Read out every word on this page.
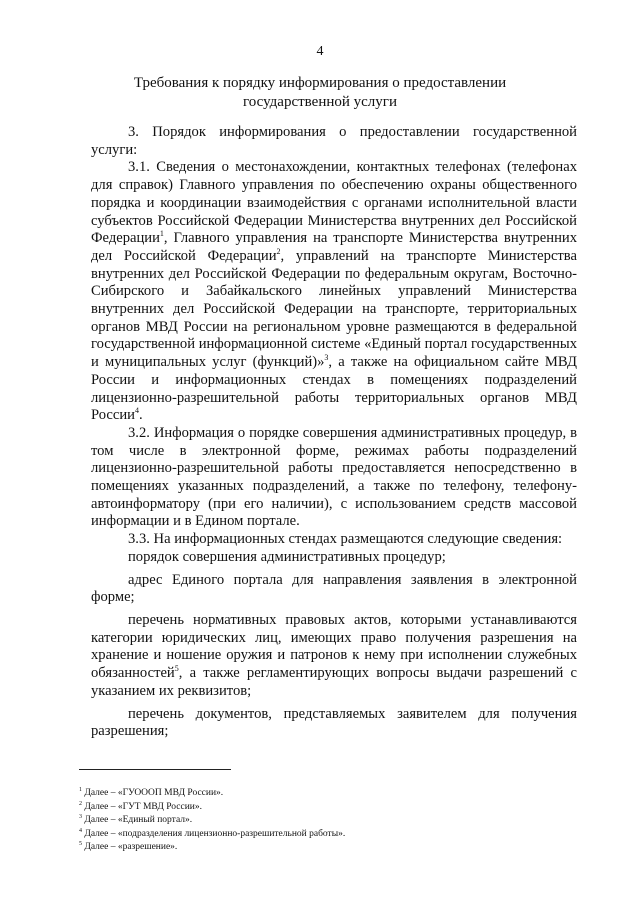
4
Требования к порядку информирования о предоставлении
государственной услуги

3. Порядок информирования о предоставлении государственной услуги:

3.1. Сведения о местонахождении, контактных телефонах (телефонах для справок) Главного управления по обеспечению охраны общественного порядка и координации взаимодействия с органами исполнительной власти субъектов Российской Федерации Министерства внутренних дел Российской Федерации$^1$, Главного управления на транспорте Министерства внутренних дел Российской Федерации$^2$, управлений на транспорте Министерства внутренних дел Российской Федерации по федеральным округам, Восточно-Сибирского и Забайкальского линейных управлений Министерства внутренних дел Российской Федерации на транспорте, территориальных органов МВД России на региональном уровне размещаются в федеральной государственной информационной системе «Единый портал государственных и муниципальных услуг (функций)»$^3$, а также на официальном сайте МВД России и информационных стендах в помещениях подразделений лицензионно-разрешительной работы территориальных органов МВД России$^4$.

3.2. Информация о порядке совершения административных процедур, в том числе в электронной форме, режимах работы подразделений лицензионно-разрешительной работы предоставляется непосредственно в помещениях указанных подразделений, а также по телефону, телефону-автоинформатору (при его наличии), с использованием средств массовой информации и в Едином портале.

3.3. На информационных стендах размещаются следующие сведения:

порядок совершения административных процедур;

адрес Единого портала для направления заявления в электронной форме;

перечень нормативных правовых актов, которыми устанавливаются категории юридических лиц, имеющих право получения разрешения на хранение и ношение оружия и патронов к нему при исполнении служебных обязанностей$^5$, а также регламентирующих вопросы выдачи разрешений с указанием их реквизитов;

перечень документов, представляемых заявителем для получения разрешения;

$^1$ Далее – «ГУОООП МВД России».
$^2$ Далее – «ГУТ МВД России».
$^3$ Далее – «Единый портал».
$^4$ Далее – «подразделения лицензионно-разрешительной работы».
$^5$ Далее – «разрешение».
